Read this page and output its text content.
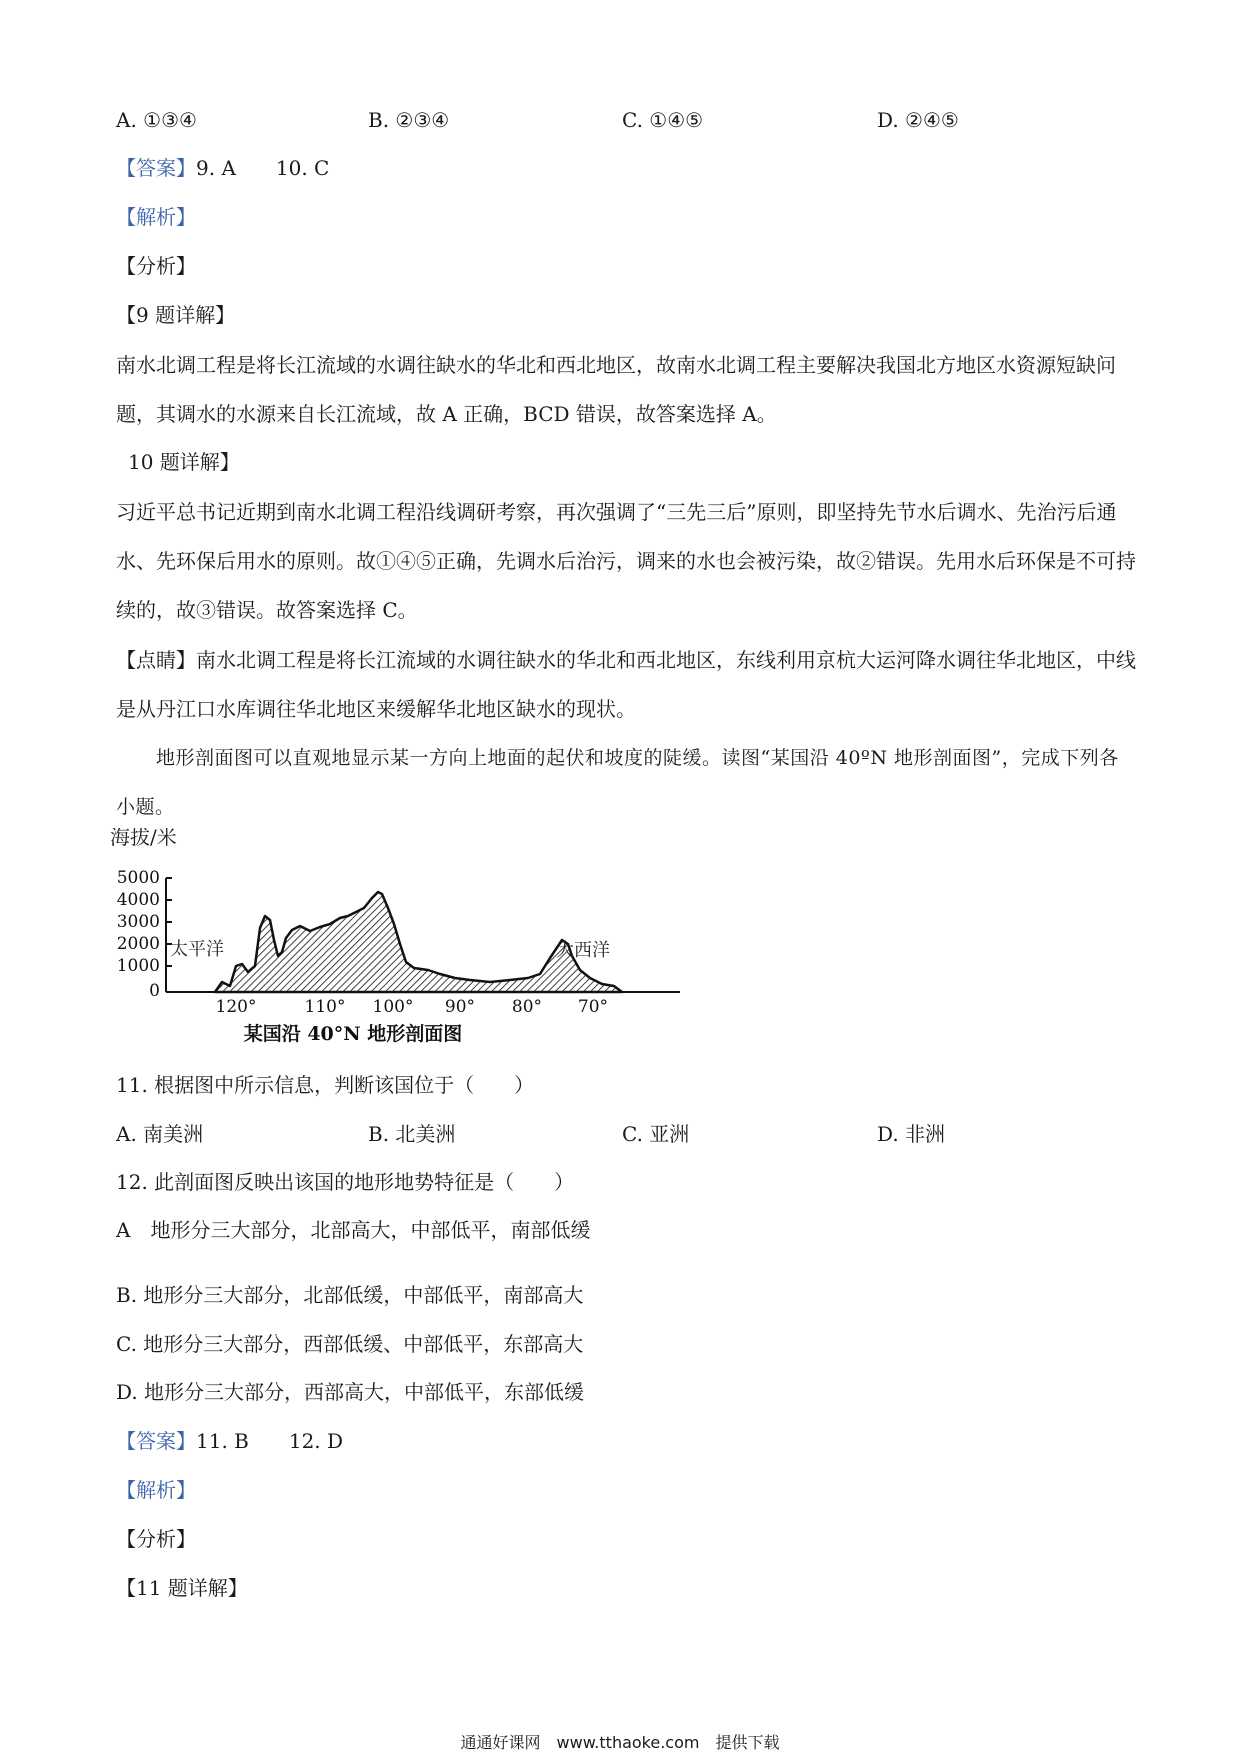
A. ①③④	B. ②③④	C. ①④⑤	D. ②④⑤
【答案】9. A　　10. C
【解析】
【分析】
【9 题详解】
南水北调工程是将长江流域的水调往缺水的华北和西北地区，故南水北调工程主要解决我国北方地区水资源短缺问题，其调水的水源来自长江流域，故 A 正确，BCD 错误，故答案选择 A。
10 题详解】
习近平总书记近期到南水北调工程沿线调研考察，再次强调了“三先三后”原则，即坚持先节水后调水、先治污后通水、先环保后用水的原则。故①④⑤正确，先调水后治污，调来的水也会被污染，故②错误。先用水后环保是不可持续的，故③错误。故答案选择 C。
【点睛】南水北调工程是将长江流域的水调往缺水的华北和西北地区，东线利用京杭大运河降水调往华北地区，中线是从丹江口水库调往华北地区来缓解华北地区缺水的现状。
地形剖面图可以直观地显示某一方向上地面的起伏和坡度的陡缓。读图“某国沿 40ºN 地形剖面图”，完成下列各小题。
海拔/米
5000
4000
3000
2000
1000
0
太平洋	大西洋
120°	110° 100° 90° 80° 70°
某国沿 40°N 地形剖面图
11. 根据图中所示信息，判断该国位于（　　）
A. 南美洲	B. 北美洲	C. 亚洲	D. 非洲
12. 此剖面图反映出该国的地形地势特征是（　　）
A　地形分三大部分，北部高大，中部低平，南部低缓
B. 地形分三大部分，北部低缓，中部低平，南部高大
C. 地形分三大部分，西部低缓、中部低平，东部高大
D. 地形分三大部分，西部高大，中部低平，东部低缓
【答案】11. B　　12. D
【解析】
【分析】
【11 题详解】
通通好课网　www.tthaoke.com　提供下载
